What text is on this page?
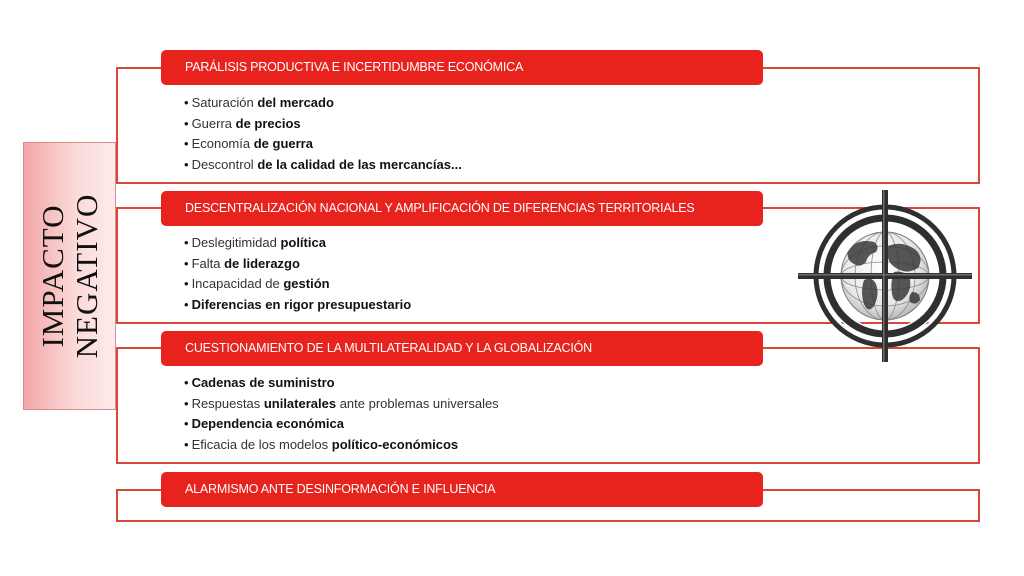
IMPACTO NEGATIVO
PARÁLISIS PRODUCTIVA E INCERTIDUMBRE ECONÓMICA
• Saturación del mercado
• Guerra de precios
• Economía de guerra
• Descontrol de la calidad de las mercancías...
DESCENTRALIZACIÓN NACIONAL Y AMPLIFICACIÓN DE DIFERENCIAS TERRITORIALES
• Deslegitimidad política
• Falta de liderazgo
• Incapacidad de gestión
• Diferencias en rigor presupuestario
CUESTIONAMIENTO DE LA MULTILATERALIDAD Y LA GLOBALIZACIÓN
• Cadenas de suministro
• Respuestas unilaterales ante problemas universales
• Dependencia económica
• Eficacia de los modelos político-económicos
ALARMISMO ANTE DESINFORMACIÓN E INFLUENCIA
